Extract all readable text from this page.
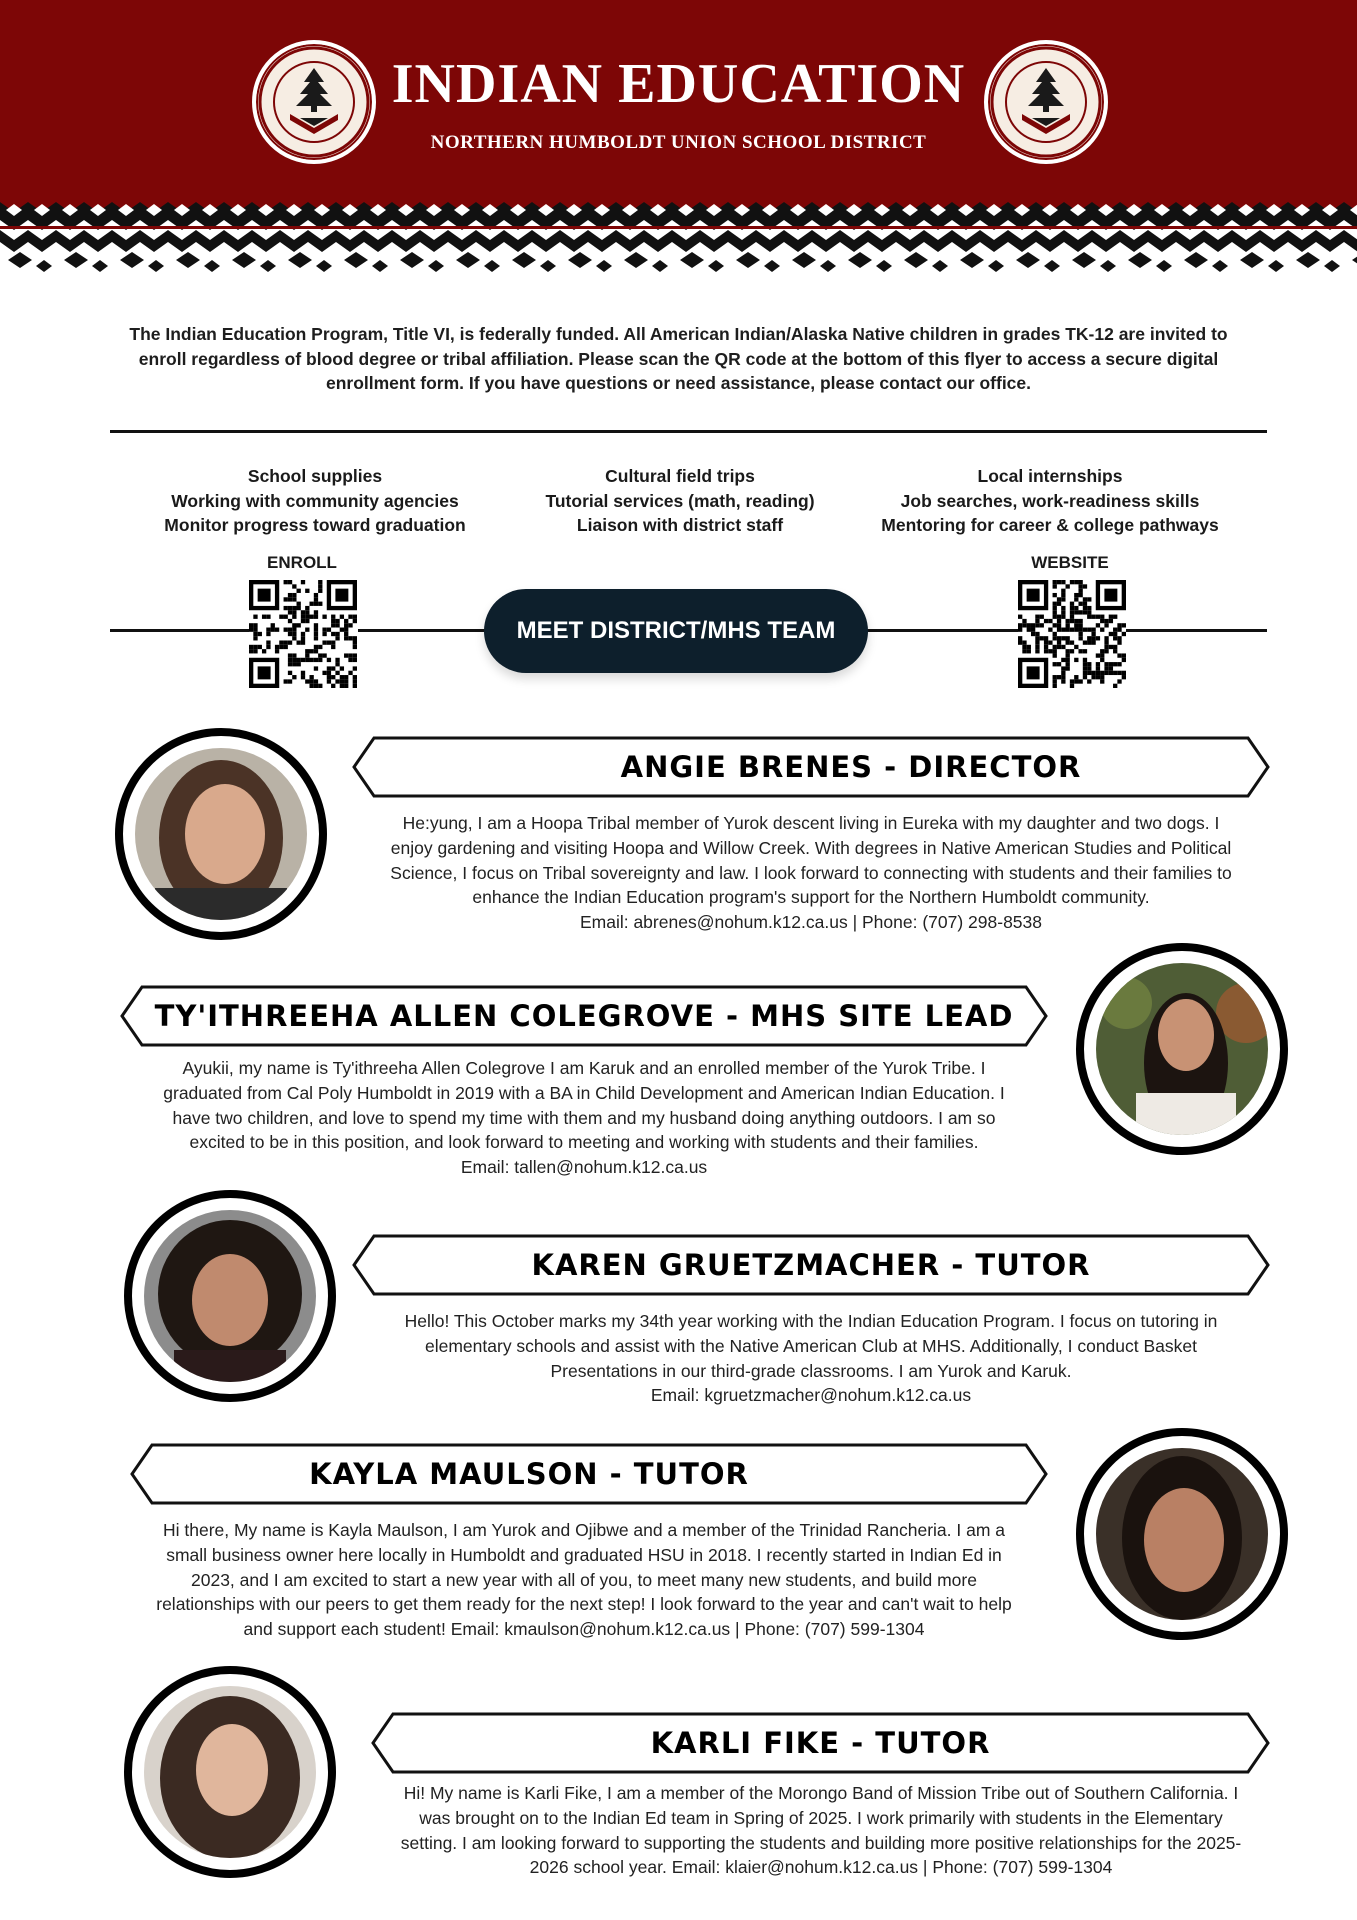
INDIAN EDUCATION
NORTHERN HUMBOLDT UNION SCHOOL DISTRICT
The Indian Education Program, Title VI, is federally funded. All American Indian/Alaska Native children in grades TK-12 are invited to enroll regardless of blood degree or tribal affiliation. Please scan the QR code at the bottom of this flyer to access a secure digital enrollment form. If you have questions or need assistance, please contact our office.
School supplies
Working with community agencies
Monitor progress toward graduation
Cultural field trips
Tutorial services (math, reading)
Liaison with district staff
Local internships
Job searches, work-readiness skills
Mentoring for career & college pathways
ENROLL	WEBSITE
MEET DISTRICT/MHS TEAM
ANGIE BRENES - DIRECTOR
He:yung, I am a Hoopa Tribal member of Yurok descent living in Eureka with my daughter and two dogs. I
enjoy gardening and visiting Hoopa and Willow Creek. With degrees in Native American Studies and Political
Science, I focus on Tribal sovereignty and law. I look forward to connecting with students and their families to
enhance the Indian Education program's support for the Northern Humboldt community.
Email: abrenes@nohum.k12.ca.us | Phone: (707) 298-8538
TY'ITHREEHA ALLEN COLEGROVE - MHS SITE LEAD
Ayukii, my name is Ty'ithreeha Allen Colegrove I am Karuk and an enrolled member of the Yurok Tribe. I
graduated from Cal Poly Humboldt in 2019 with a BA in Child Development and American Indian Education. I
have two children, and love to spend my time with them and my husband doing anything outdoors. I am so
excited to be in this position, and look forward to meeting and working with students and their families.
Email: tallen@nohum.k12.ca.us
KAREN GRUETZMACHER - TUTOR
Hello! This October marks my 34th year working with the Indian Education Program. I focus on tutoring in
elementary schools and assist with the Native American Club at MHS. Additionally, I conduct Basket
Presentations in our third-grade classrooms. I am Yurok and Karuk.
Email: kgruetzmacher@nohum.k12.ca.us
KAYLA MAULSON - TUTOR
Hi there, My name is Kayla Maulson, I am Yurok and Ojibwe and a member of the Trinidad Rancheria. I am a
small business owner here locally in Humboldt and graduated HSU in 2018. I recently started in Indian Ed in
2023, and I am excited to start a new year with all of you, to meet many new students, and build more
relationships with our peers to get them ready for the next step! I look forward to the year and can't wait to help
and support each student! Email: kmaulson@nohum.k12.ca.us | Phone: (707) 599-1304
KARLI FIKE - TUTOR
Hi! My name is Karli Fike, I am a member of the Morongo Band of Mission Tribe out of Southern California. I
was brought on to the Indian Ed team in Spring of 2025. I work primarily with students in the Elementary
setting. I am looking forward to supporting the students and building more positive relationships for the 2025-
2026 school year. Email: klaier@nohum.k12.ca.us | Phone: (707) 599-1304
